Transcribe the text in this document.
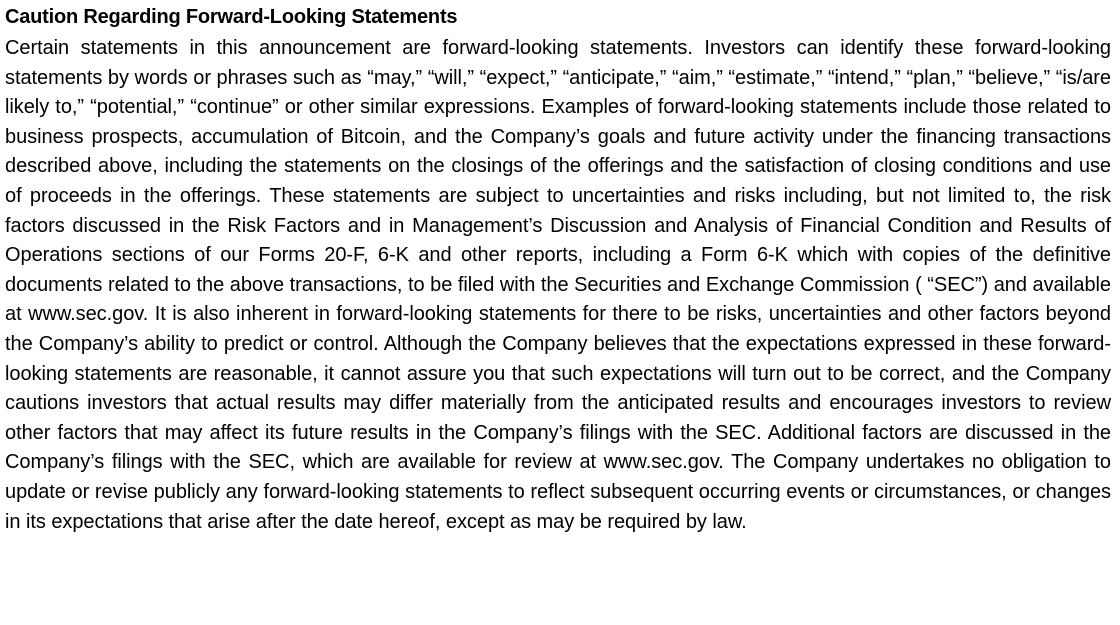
Caution Regarding Forward-Looking Statements

Certain statements in this announcement are forward-looking statements. Investors can identify these forward-looking statements by words or phrases such as “may,” “will,” “expect,” “anticipate,” “aim,” “estimate,” “intend,” “plan,” “believe,” “is/are likely to,” “potential,” “continue” or other similar expressions. Examples of forward-looking statements include those related to business prospects, accumulation of Bitcoin, and the Company’s goals and future activity under the financing transactions described above, including the statements on the closings of the offerings and the satisfaction of closing conditions and use of proceeds in the offerings. These statements are subject to uncertainties and risks including, but not limited to, the risk factors discussed in the Risk Factors and in Management’s Discussion and Analysis of Financial Condition and Results of Operations sections of our Forms 20-F, 6-K and other reports, including a Form 6-K which with copies of the definitive documents related to the above transactions, to be filed with the Securities and Exchange Commission ( “SEC”) and available at www.sec.gov. It is also inherent in forward-looking statements for there to be risks, uncertainties and other factors beyond the Company’s ability to predict or control. Although the Company believes that the expectations expressed in these forward-looking statements are reasonable, it cannot assure you that such expectations will turn out to be correct, and the Company cautions investors that actual results may differ materially from the anticipated results and encourages investors to review other factors that may affect its future results in the Company’s filings with the SEC. Additional factors are discussed in the Company’s filings with the SEC, which are available for review at www.sec.gov. The Company undertakes no obligation to update or revise publicly any forward-looking statements to reflect subsequent occurring events or circumstances, or changes in its expectations that arise after the date hereof, except as may be required by law.
